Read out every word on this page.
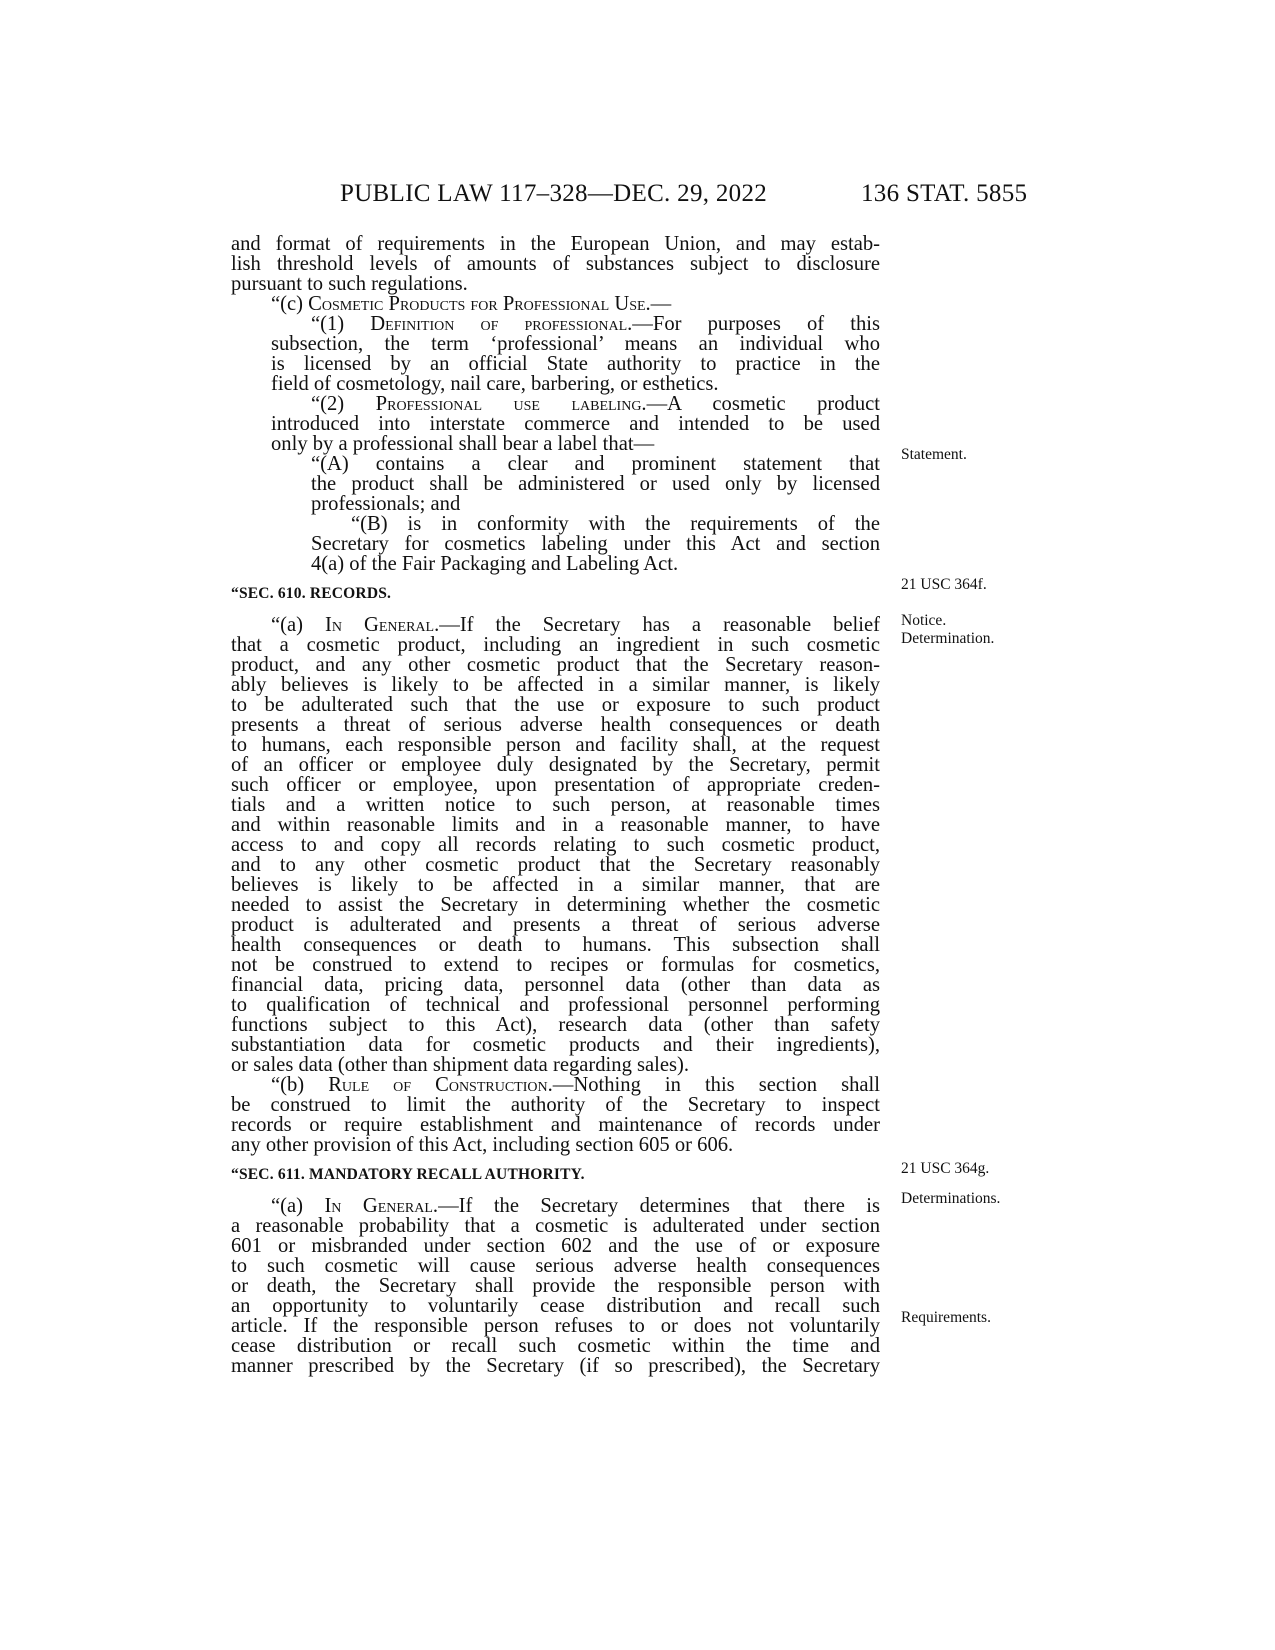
PUBLIC LAW 117–328—DEC. 29, 2022	136 STAT. 5855
and format of requirements in the European Union, and may estab-
lish threshold levels of amounts of substances subject to disclosure
pursuant to such regulations.
“(c) Cosmetic Products for Professional Use.—
“(1) Definition of professional.—For purposes of this
subsection, the term ‘professional’ means an individual who
is licensed by an official State authority to practice in the
field of cosmetology, nail care, barbering, or esthetics.
“(2) Professional use labeling.—A cosmetic product
introduced into interstate commerce and intended to be used
only by a professional shall bear a label that—
“(A) contains a clear and prominent statement that
the product shall be administered or used only by licensed
professionals; and
“(B) is in conformity with the requirements of the
Secretary for cosmetics labeling under this Act and section
4(a) of the Fair Packaging and Labeling Act.
“SEC. 610. RECORDS.
“(a) In General.—If the Secretary has a reasonable belief
that a cosmetic product, including an ingredient in such cosmetic
product, and any other cosmetic product that the Secretary reason-
ably believes is likely to be affected in a similar manner, is likely
to be adulterated such that the use or exposure to such product
presents a threat of serious adverse health consequences or death
to humans, each responsible person and facility shall, at the request
of an officer or employee duly designated by the Secretary, permit
such officer or employee, upon presentation of appropriate creden-
tials and a written notice to such person, at reasonable times
and within reasonable limits and in a reasonable manner, to have
access to and copy all records relating to such cosmetic product,
and to any other cosmetic product that the Secretary reasonably
believes is likely to be affected in a similar manner, that are
needed to assist the Secretary in determining whether the cosmetic
product is adulterated and presents a threat of serious adverse
health consequences or death to humans. This subsection shall
not be construed to extend to recipes or formulas for cosmetics,
financial data, pricing data, personnel data (other than data as
to qualification of technical and professional personnel performing
functions subject to this Act), research data (other than safety
substantiation data for cosmetic products and their ingredients),
or sales data (other than shipment data regarding sales).
“(b) Rule of Construction.—Nothing in this section shall
be construed to limit the authority of the Secretary to inspect
records or require establishment and maintenance of records under
any other provision of this Act, including section 605 or 606.
“SEC. 611. MANDATORY RECALL AUTHORITY.
“(a) In General.—If the Secretary determines that there is
a reasonable probability that a cosmetic is adulterated under section
601 or misbranded under section 602 and the use of or exposure
to such cosmetic will cause serious adverse health consequences
or death, the Secretary shall provide the responsible person with
an opportunity to voluntarily cease distribution and recall such
article. If the responsible person refuses to or does not voluntarily
cease distribution or recall such cosmetic within the time and
manner prescribed by the Secretary (if so prescribed), the Secretary
Statement.
21 USC 364f.
Notice.
Determination.
21 USC 364g.
Determinations.
Requirements.
